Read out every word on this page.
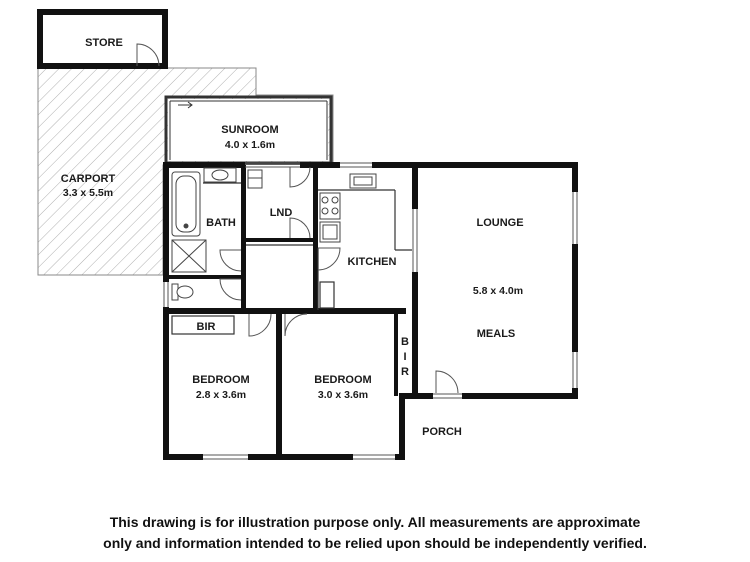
STORE
CARPORT
3.3 x 5.5m
SUNROOM
4.0 x 1.6m
BATH
LND
KITCHEN
LOUNGE
5.8 x 4.0m
MEALS
BIR
B
I
R
BEDROOM
2.8 x 3.6m
BEDROOM
3.0 x 3.6m
PORCH
This drawing is for illustration purpose only. All measurements are approximate
only and information intended to be relied upon should be independently verified.
